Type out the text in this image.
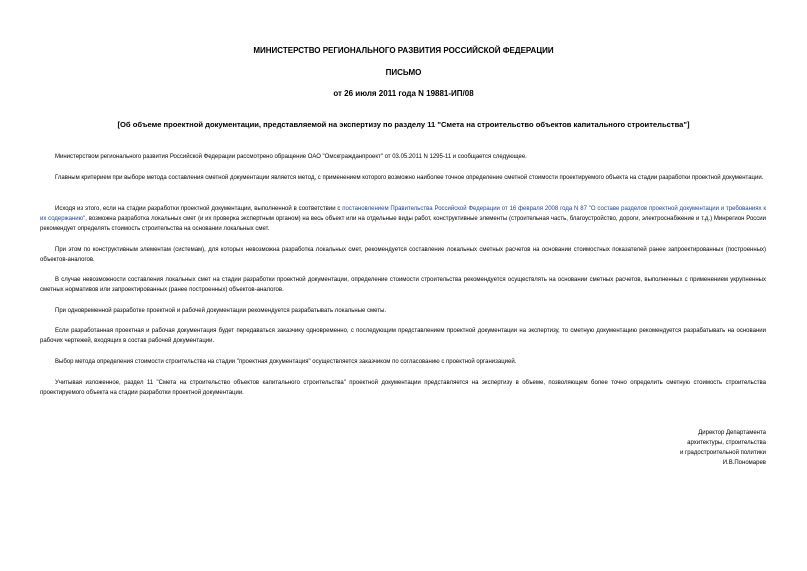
МИНИСТЕРСТВО РЕГИОНАЛЬНОГО РАЗВИТИЯ РОССИЙСКОЙ ФЕДЕРАЦИИ
ПИСЬМО
от 26 июля 2011 года N 19881-ИП/08
[Об объеме проектной документации, представляемой на экспертизу по разделу 11 "Смета на строительство объектов капитального строительства"]
Министерством регионального развития Российской Федерации рассмотрено обращение ОАО "Омскгражданпроект" от 03.05.2011 N 1295-11 и сообщается следующее.
Главным критерием при выборе метода составления сметной документации является метод, с применением которого возможно наиболее точное определение сметной стоимости проектируемого объекта на стадии разработки проектной документации.
Исходя из этого, если на стадии разработки проектной документации, выполненной в соответствии с постановлением Правительства Российской Федерации от 16 февраля 2008 года N 87 "О составе разделов проектной документации и требованиях к их содержанию", возможна разработка локальных смет (и их проверка экспертным органом) на весь объект или на отдельные виды работ, конструктивные элементы (строительная часть, благоустройство, дороги, электроснабжение и т.д.) Минрегион России рекомендует определять стоимость строительства на основании локальных смет.
При этом по конструктивным элементам (системам), для которых невозможна разработка локальных смет, рекомендуется составление локальных сметных расчетов на основании стоимостных показателей ранее запроектированных (построенных) объектов-аналогов.
В случае невозможности составления локальных смет на стадии разработки проектной документации, определение стоимости строительства рекомендуется осуществлять на основании сметных расчетов, выполненных с применением укрупненных сметных нормативов или запроектированных (ранее построенных) объектов-аналогов.
При одновременной разработке проектной и рабочей документации рекомендуется разрабатывать локальные сметы.
Если разработанная проектная и рабочая документация будет передаваться заказчику одновременно, с последующим представлением проектной документации на экспертизу, то сметную документацию рекомендуется разрабатывать на основании рабочих чертежей, входящих в состав рабочей документации.
Выбор метода определения стоимости строительства на стадии "проектная документация" осуществляется заказчиком по согласованию с проектной организацией.
Учитывая изложенное, раздел 11 "Смета на строительство объектов капитального строительства" проектной документации представляется на экспертизу в объеме, позволяющем более точно определить сметную стоимость строительства проектируемого объекта на стадии разработки проектной документации.
Директор Департамента
архитектуры, строительства
и градостроительной политики
И.В.Пономарев
